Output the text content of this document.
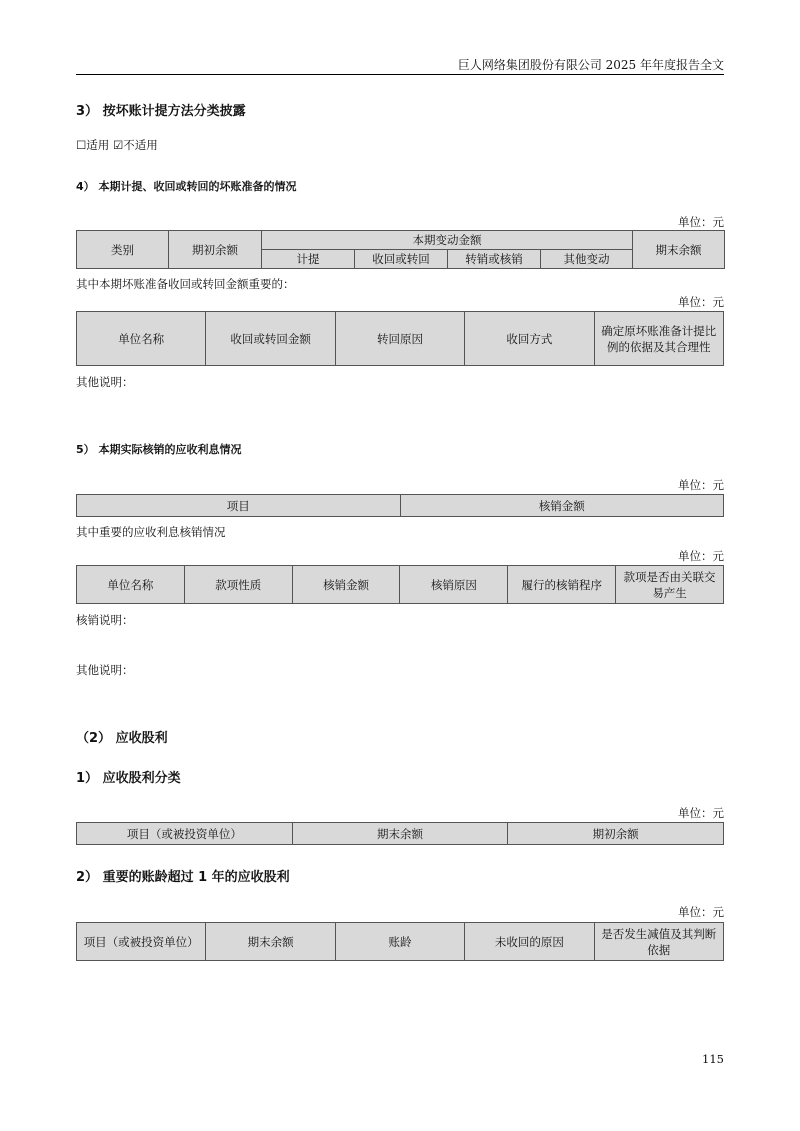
巨人网络集团股份有限公司 2025 年年度报告全文
3） 按坏账计提方法分类披露
☐适用 ☑不适用
4） 本期计提、收回或转回的坏账准备的情况
单位：元
类别	期初余额	本期变动金额				期末余额
		计提	收回或转回	转销或核销	其他变动	
其中本期坏账准备收回或转回金额重要的：
单位：元
单位名称	收回或转回金额	转回原因	收回方式	确定原坏账准备计提比例的依据及其合理性
其他说明：
5） 本期实际核销的应收利息情况
单位：元
项目	核销金额
其中重要的应收利息核销情况
单位：元
单位名称	款项性质	核销金额	核销原因	履行的核销程序	款项是否由关联交易产生
核销说明：
其他说明：
（2） 应收股利
1） 应收股利分类
单位：元
项目（或被投资单位）	期末余额	期初余额
2） 重要的账龄超过 1 年的应收股利
单位：元
项目（或被投资单位）	期末余额	账龄	未收回的原因	是否发生减值及其判断依据
115
